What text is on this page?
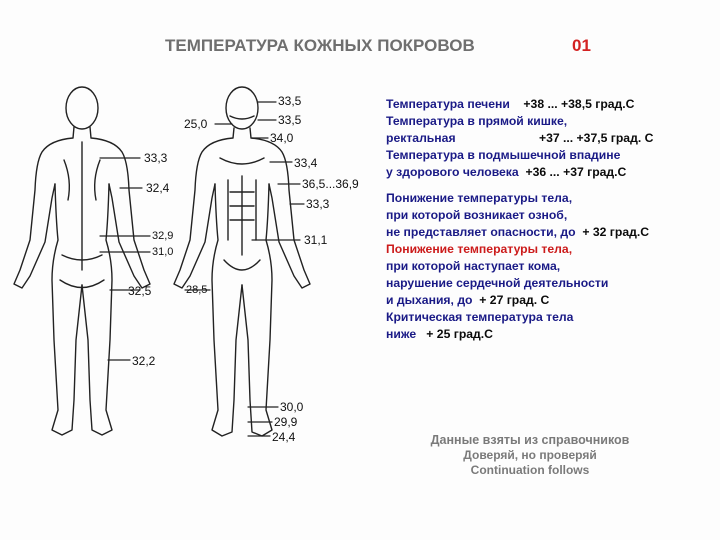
ТЕМПЕРАТУРА КОЖНЫХ ПОКРОВОВ	01
33,5
25,0	33,5
34,0
33,4
36,5...36,9
33,3
31,1
33,3
32,4
32,9
31,0
28,5
32,5
32,2
30,0
29,9
24,4
Температура печени +38 ... +38,5 град.С
Температура в прямой кишке,
ректальная	+37 ... +37,5 град. С
Температура в подмышечной впадине
у здорового человека +36 ... +37 град.С
Понижение температуры тела,
при которой возникает озноб,
не представляет опасности, до + 32 град.С
Понижение температуры тела,
при которой наступает кома,
нарушение сердечной деятельности
и дыхания, до + 27 град. С
Критическая температура тела
ниже + 25 град.С
Данные взяты из справочников
Доверяй, но проверяй
Continuation follows
